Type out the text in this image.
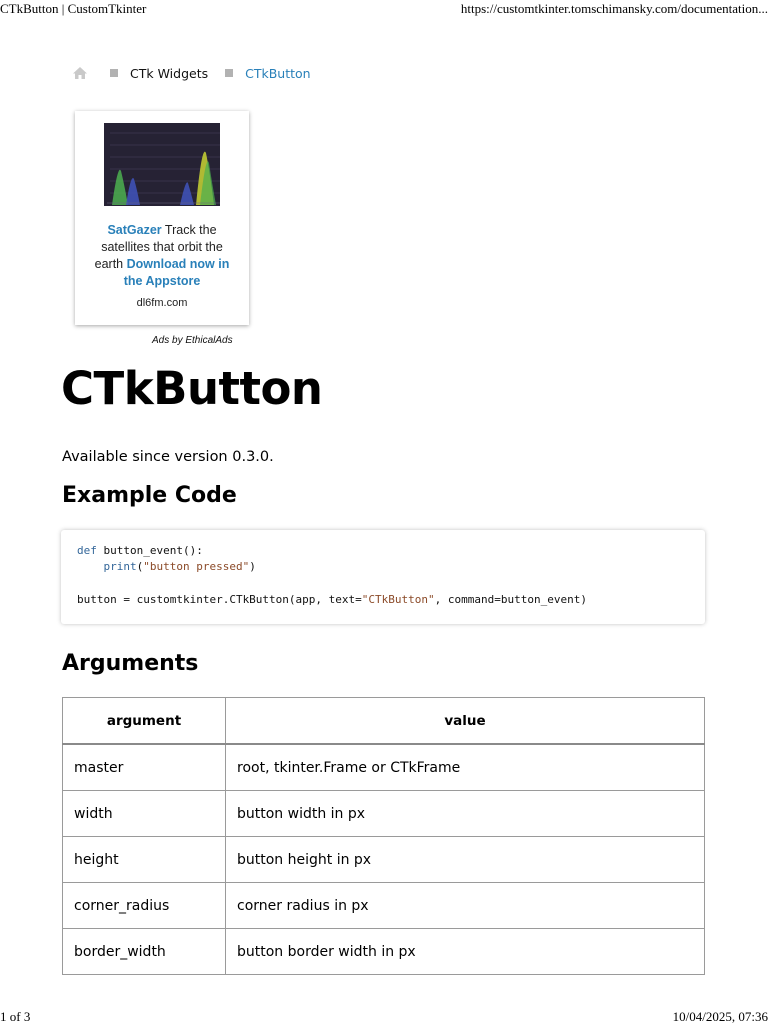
CTkButton | CustomTkinter	https://customtkinter.tomschimansky.com/documentation...
CTk Widgets	CTkButton
SatGazer Track the satellites that orbit the earth Download now in the Appstore
dl6fm.com
Ads by EthicalAds
CTkButton

Available since version 0.3.0.

Example Code
def button_event():
print("button pressed")
button = customtkinter.CTkButton(app, text="CTkButton", command=button_event)
Arguments
argument	value
master	root, tkinter.Frame or CTkFrame
width	button width in px
height	button height in px
corner_radius	corner radius in px
border_width	button border width in px
1 of 3	10/04/2025, 07:36
